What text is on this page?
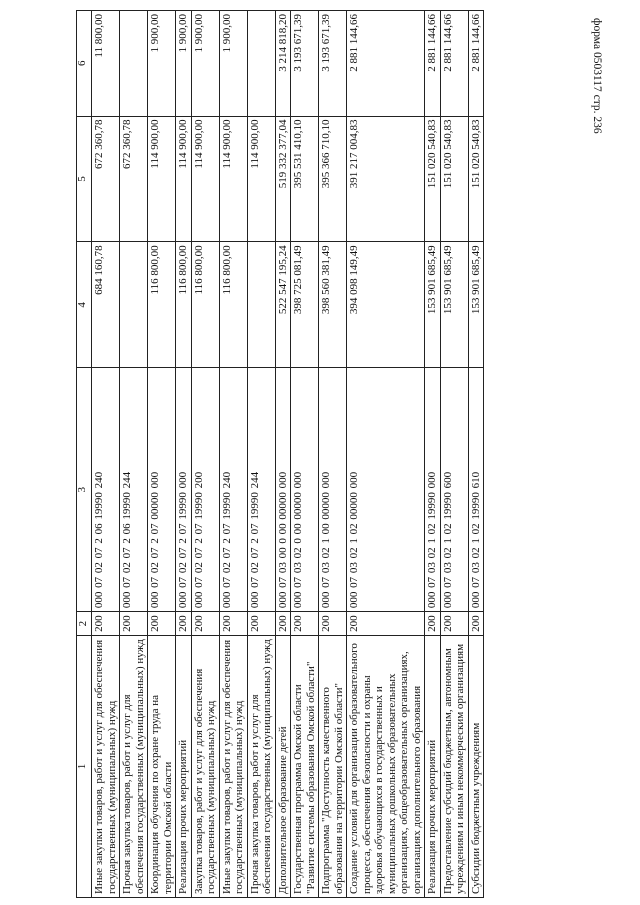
форма 0503117 стр. 236
1	2	3	4	5	6
Иные закупки товаров, работ и услуг для обеспечения государственных (муниципальных) нужд	200	000 07 02 07 2 06 19990 240	684 160,78	672 360,78	11 800,00
Прочая закупка товаров, работ и услуг для обеспечения государственных (муниципальных) нужд	200	000 07 02 07 2 06 19990 244		672 360,78	
Координация обучения по охране труда на территории Омской области	200	000 07 02 07 2 07 00000 000	116 800,00	114 900,00	1 900,00
Реализация прочих мероприятий	200	000 07 02 07 2 07 19990 000	116 800,00	114 900,00	1 900,00
Закупка товаров, работ и услуг для обеспечения государственных (муниципальных) нужд	200	000 07 02 07 2 07 19990 200	116 800,00	114 900,00	1 900,00
Иные закупки товаров, работ и услуг для обеспечения государственных (муниципальных) нужд	200	000 07 02 07 2 07 19990 240	116 800,00	114 900,00	1 900,00
Прочая закупка товаров, работ и услуг для обеспечения государственных (муниципальных) нужд	200	000 07 02 07 2 07 19990 244		114 900,00	
Дополнительное образование детей	200	000 07 03 00 0 00 00000 000	522 547 195,24	519 332 377,04	3 214 818,20
Государственная программа Омской области "Развитие системы образования Омской области"	200	000 07 03 02 0 00 00000 000	398 725 081,49	395 531 410,10	3 193 671,39
Подпрограмма "Доступность качественного образования на территории Омской области"	200	000 07 03 02 1 00 00000 000	398 560 381,49	395 366 710,10	3 193 671,39
Создание условий для организации образовательного процесса, обеспечения безопасности и охраны здоровья обучающихся в государственных и муниципальных дошкольных образовательных организациях, общеобразовательных организациях, организациях дополнительного образования	200	000 07 03 02 1 02 00000 000	394 098 149,49	391 217 004,83	2 881 144,66
Реализация прочих мероприятий	200	000 07 03 02 1 02 19990 000	153 901 685,49	151 020 540,83	2 881 144,66
Предоставление субсидий бюджетным, автономным учреждениям и иным некоммерческим организациям	200	000 07 03 02 1 02 19990 600	153 901 685,49	151 020 540,83	2 881 144,66
Субсидии бюджетным учреждениям	200	000 07 03 02 1 02 19990 610	153 901 685,49	151 020 540,83	2 881 144,66
